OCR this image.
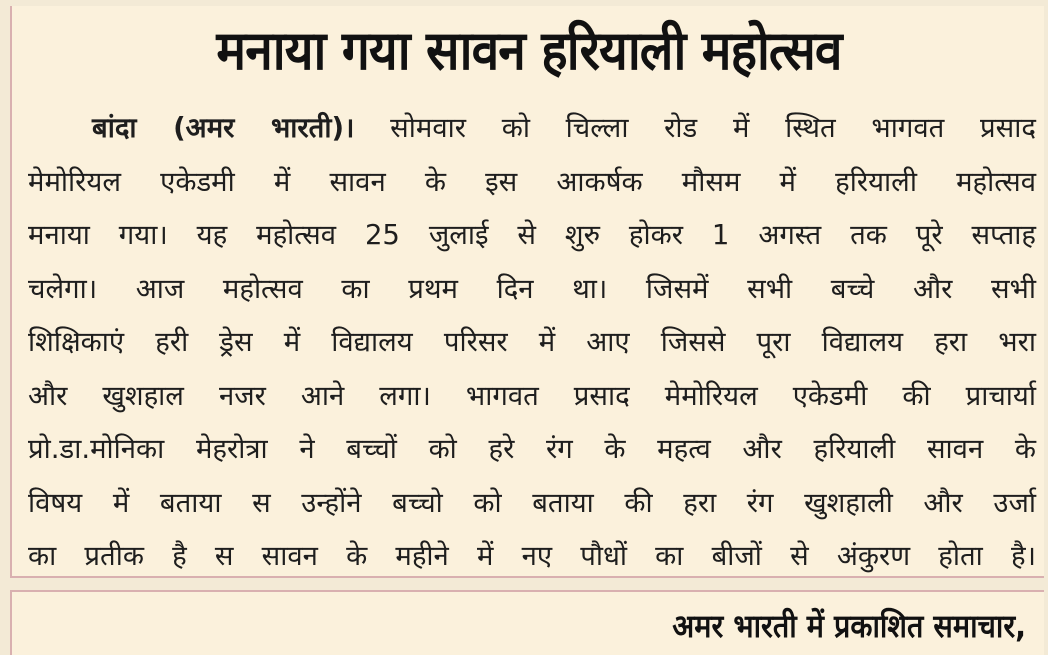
मनाया गया सावन हरियाली महोत्सव
बांदा (अमर भारती)। सोमवार को चिल्ला रोड में स्थित भागवत प्रसाद
मेमोरियल एकेडमी में सावन के इस आकर्षक मौसम में हरियाली महोत्सव
मनाया गया। यह महोत्सव 25 जुलाई से शुरु होकर 1 अगस्त तक पूरे सप्ताह
चलेगा। आज महोत्सव का प्रथम दिन था। जिसमें सभी बच्चे और सभी
शिक्षिकाएं हरी ड्रेस में विद्यालय परिसर में आए जिससे पूरा विद्यालय हरा भरा
और खुशहाल नजर आने लगा। भागवत प्रसाद मेमोरियल एकेडमी की प्राचार्या
प्रो.डा.मोनिका मेहरोत्रा ने बच्चों को हरे रंग के महत्व और हरियाली सावन के
विषय में बताया स उन्होंने बच्चो को बताया की हरा रंग खुशहाली और उर्जा
का प्रतीक है स सावन के महीने में नए पौधों का बीजों से अंकुरण होता है।
अमर भारती में प्रकाशित समाचार,
